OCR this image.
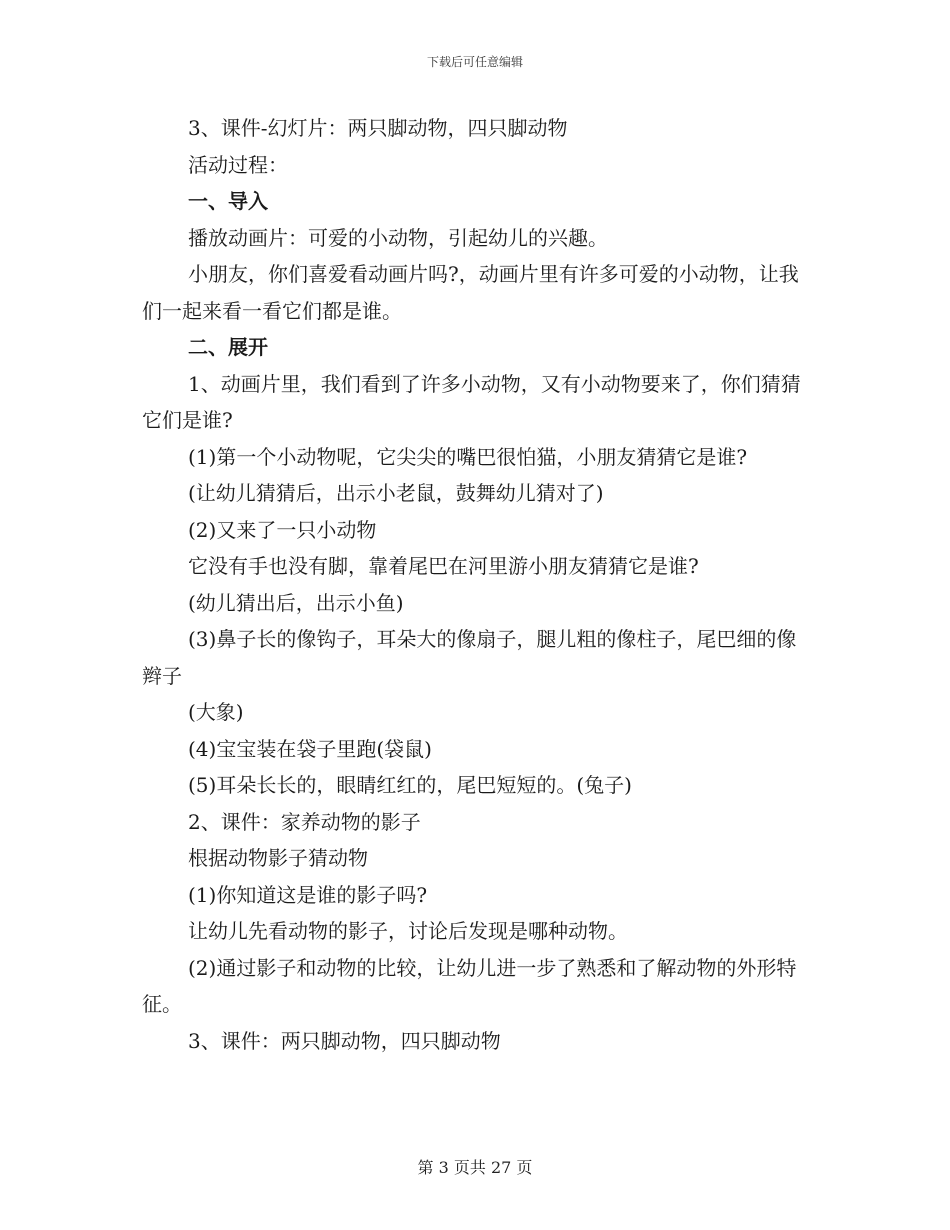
下载后可任意编辑

3、课件-幻灯片：两只脚动物，四只脚动物

活动过程：

一、导入

播放动画片：可爱的小动物，引起幼儿的兴趣。

小朋友，你们喜爱看动画片吗?，动画片里有许多可爱的小动物，让我们一起来看一看它们都是谁。

二、展开

1、动画片里，我们看到了许多小动物，又有小动物要来了，你们猜猜它们是谁?

(1)第一个小动物呢，它尖尖的嘴巴很怕猫，小朋友猜猜它是谁?

(让幼儿猜猜后，出示小老鼠，鼓舞幼儿猜对了)

(2)又来了一只小动物

它没有手也没有脚，靠着尾巴在河里游小朋友猜猜它是谁?

(幼儿猜出后，出示小鱼)

(3)鼻子长的像钩子，耳朵大的像扇子，腿儿粗的像柱子，尾巴细的像辫子

(大象)

(4)宝宝装在袋子里跑(袋鼠)

(5)耳朵长长的，眼睛红红的，尾巴短短的。(兔子)

2、课件：家养动物的影子

根据动物影子猜动物

(1)你知道这是谁的影子吗?

让幼儿先看动物的影子，讨论后发现是哪种动物。

(2)通过影子和动物的比较，让幼儿进一步了熟悉和了解动物的外形特征。

3、课件：两只脚动物，四只脚动物

第 3 页共 27 页
